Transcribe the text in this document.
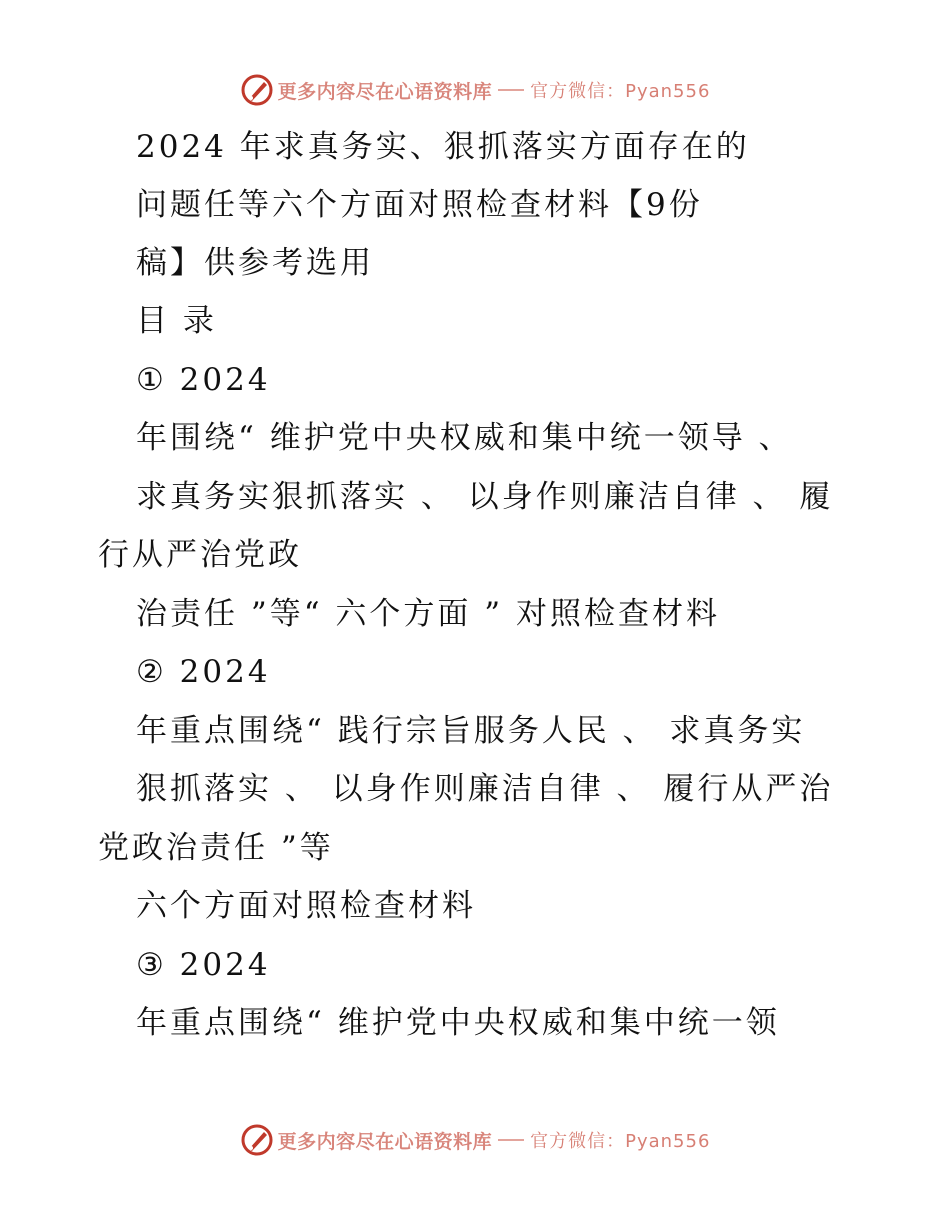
更多内容尽在心语资料库 官方微信：Pyan556
2024 年求真务实、狠抓落实方面存在的
问题任等六个方面对照检查材料【9份
稿】供参考选用
目 录
① 2024
年围绕“ 维护党中央权威和集中统一领导 、
求真务实狠抓落实 、 以身作则廉洁自律 、 履
行从严治党政
治责任 ”等“ 六个方面 ” 对照检查材料
② 2024
年重点围绕“ 践行宗旨服务人民 、 求真务实
狠抓落实 、 以身作则廉洁自律 、 履行从严治
党政治责任 ”等
六个方面对照检查材料
③ 2024
年重点围绕“ 维护党中央权威和集中统一领
更多内容尽在心语资料库 官方微信：Pyan556
